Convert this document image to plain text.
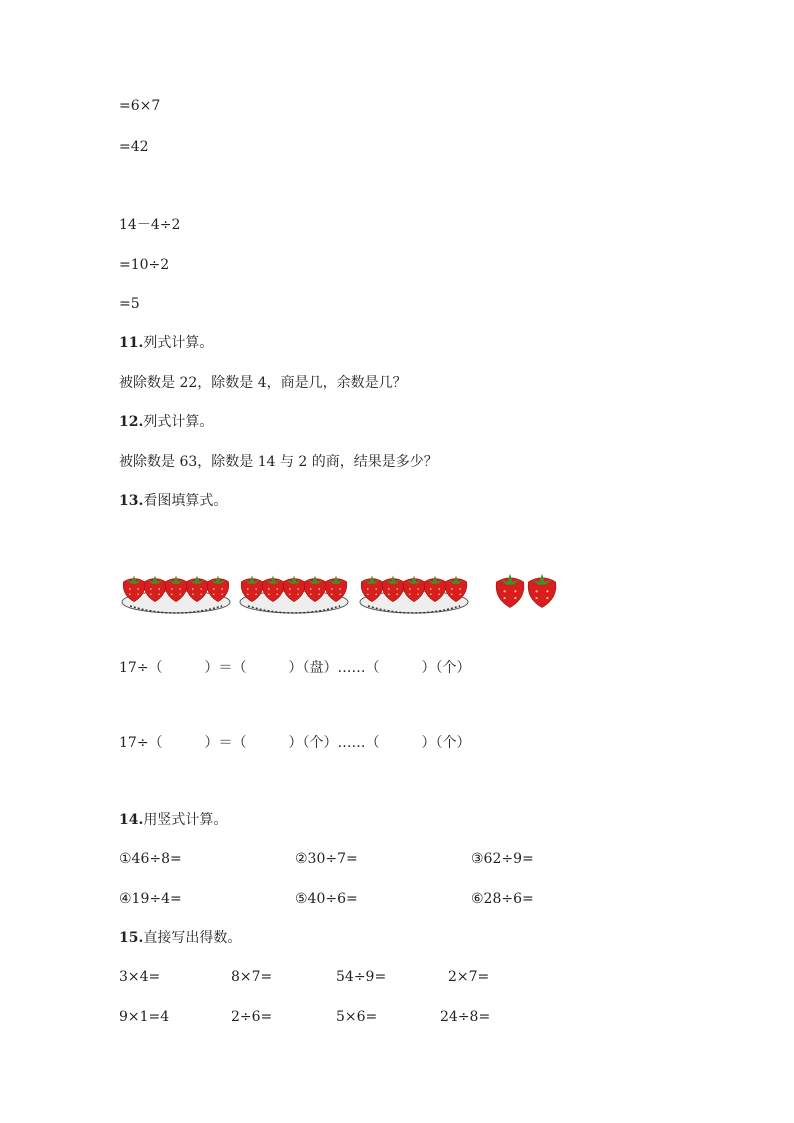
=6×7
=42
14－4÷2
=10÷2
=5
11.列式计算。
被除数是 22，除数是 4，商是几，余数是几？
12.列式计算。
被除数是 63，除数是 14 与 2 的商，结果是多少？
13.看图填算式。
17÷（　　　）＝（　　　）（盘）……（　　　）（个）
17÷（　　　）＝（　　　）（个）……（　　　）（个）
14.用竖式计算。
①46÷8=	②30÷7=	③62÷9=
④19÷4=	⑤40÷6=	⑥28÷6=
15.直接写出得数。
3×4=	8×7=	54÷9=	2×7=
9×1=4	2÷6=	5×6=	24÷8=
